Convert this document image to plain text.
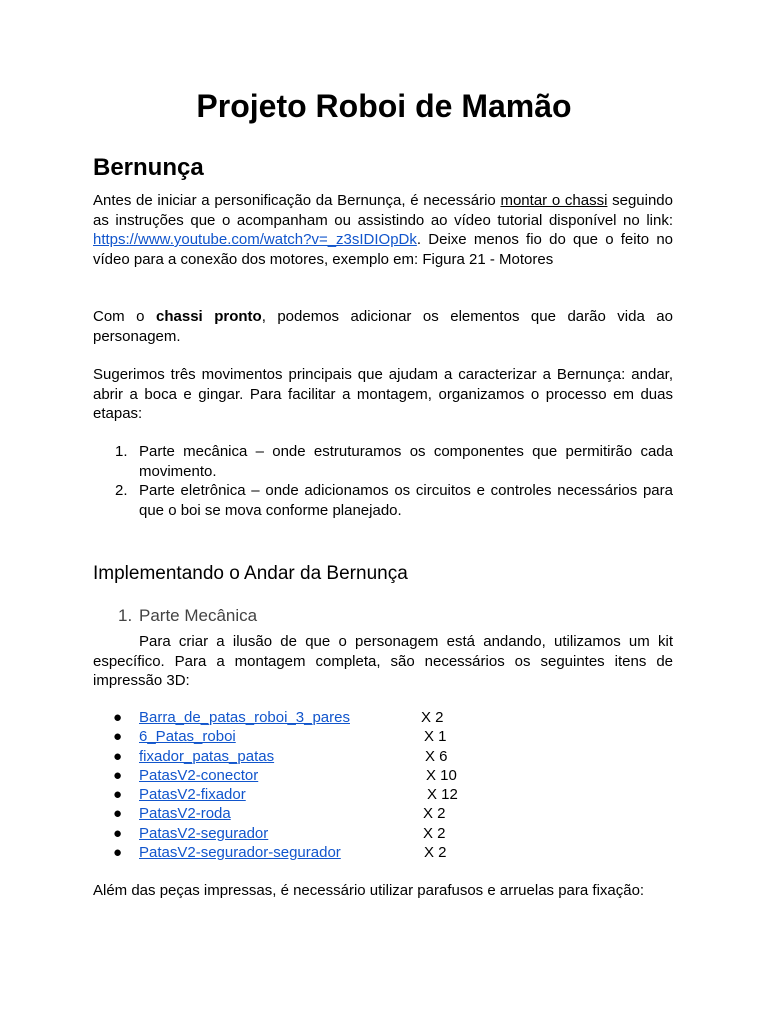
Projeto Roboi de Mamão
Bernunça

Antes de iniciar a personificação da Bernunça, é necessário montar o chassi seguindo as instruções que o acompanham ou assistindo ao vídeo tutorial disponível no link: https://www.youtube.com/watch?v=_z3sIDIOpDk. Deixe menos fio do que o feito no vídeo para a conexão dos motores, exemplo em: Figura 21 - Motores

Com o chassi pronto, podemos adicionar os elementos que darão vida ao personagem.

Sugerimos três movimentos principais que ajudam a caracterizar a Bernunça: andar, abrir a boca e gingar. Para facilitar a montagem, organizamos o processo em duas etapas:

1. Parte mecânica – onde estruturamos os componentes que permitirão cada movimento.
2. Parte eletrônica – onde adicionamos os circuitos e controles necessários para que o boi se mova conforme planejado.
Implementando o Andar da Bernunça
1. Parte Mecânica

Para criar a ilusão de que o personagem está andando, utilizamos um kit específico. Para a montagem completa, são necessários os seguintes itens de impressão 3D:

● Barra_de_patas_roboi_3_pares	X 2
● 6_Patas_roboi	X 1
● fixador_patas_patas	X 6
● PatasV2-conector	X 10
● PatasV2-fixador	X 12
● PatasV2-roda	X 2
● PatasV2-segurador	X 2
● PatasV2-segurador-segurador	X 2

Além das peças impressas, é necessário utilizar parafusos e arruelas para fixação:
